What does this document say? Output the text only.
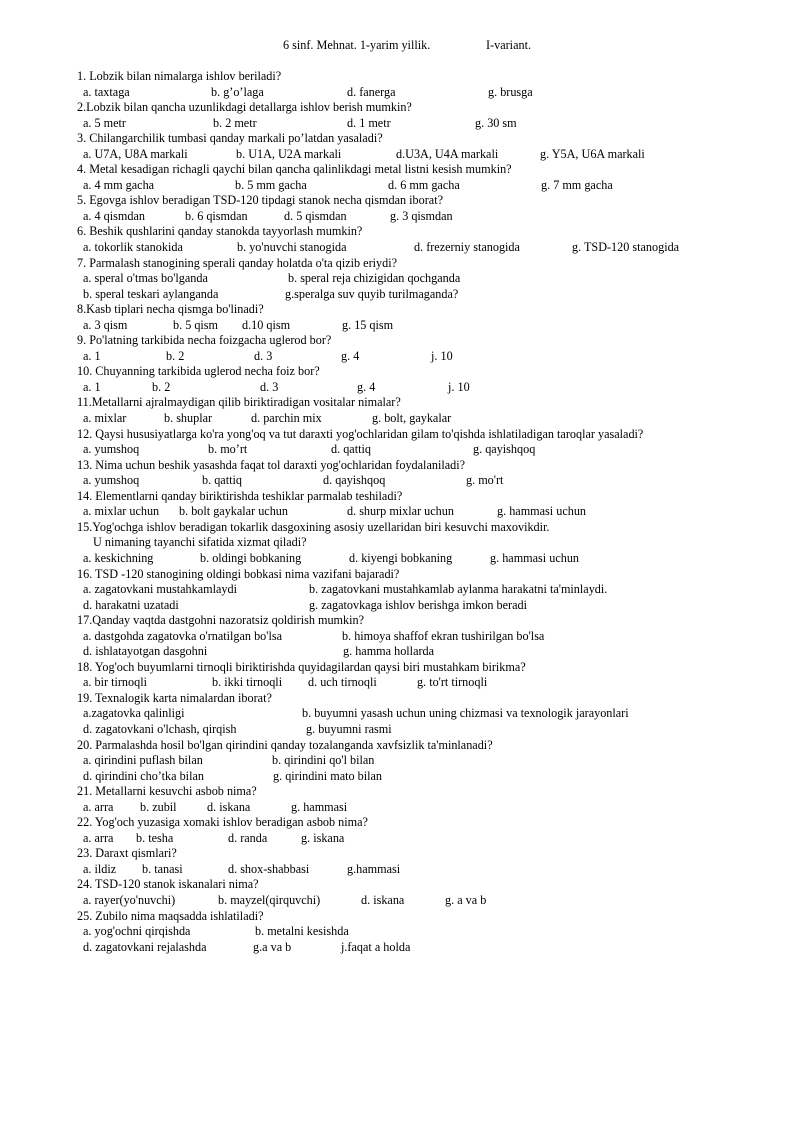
6 sinf. Mehnat. 1-yarim yillik.	I-variant.
1. Lobzik bilan nimalarga ishlov beriladi?
a. taxtaga	b. g’o’laga	d. fanerga	g. brusga
2.Lobzik bilan qancha uzunlikdagi detallarga ishlov berish mumkin?
a. 5 metr	b. 2 metr	d. 1 metr	g. 30 sm
3. Chilangarchilik tumbasi qanday markali po’latdan yasaladi?
a. U7A, U8A markali	b. U1A, U2A markali	d.U3A, U4A markali	g. Y5A, U6A markali
4. Metal kesadigan richagli qaychi bilan qancha qalinlikdagi metal listni kesish mumkin?
a. 4 mm gacha	b. 5 mm gacha	d. 6 mm gacha	g. 7 mm gacha
5. Egovga ishlov beradigan TSD-120 tipdagi stanok necha qismdan iborat?
a. 4 qismdan	b. 6 qismdan	d. 5 qismdan	g. 3 qismdan
6. Beshik qushlarini qanday stanokda tayyorlash mumkin?
a. tokorlik stanokida	b. yo'nuvchi stanogida	d. frezerniy stanogida	g. TSD-120 stanogida
7. Parmalash stanogining sperali qanday holatda o'ta qizib eriydi?
a. speral o'tmas bo'lganda	b. speral reja chizigidan qochganda
b. speral teskari aylanganda	g.speralga suv quyib turilmaganda?
8.Kasb tiplari necha qismga bo'linadi?
a. 3 qism	b. 5 qism d.10 qism	g. 15 qism
9. Po'latning tarkibida necha foizgacha uglerod bor?
a. 1	b. 2	d. 3	g. 4	j. 10
10. Chuyanning tarkibida uglerod necha foiz bor?
a. 1	b. 2	d. 3	g. 4	j. 10
11.Metallarni ajralmaydigan qilib biriktiradigan vositalar nimalar?
a. mixlar	b. shuplar	d. parchin mix	g. bolt, gaykalar
12. Qaysi hususiyatlarga ko'ra yong'oq va tut daraxti yog'ochlaridan gilam to'qishda ishlatiladigan taroqlar yasaladi?
a. yumshoq	b. mo’rt	d. qattiq	g. qayishqoq
13. Nima uchun beshik yasashda faqat tol daraxti yog'ochlaridan foydalaniladi?
a. yumshoq	b. qattiq	d. qayishqoq	g. mo'rt
14. Elementlarni qanday biriktirishda teshiklar parmalab teshiladi?
a. mixlar uchun b. bolt gaykalar uchun	d. shurp mixlar uchun	g. hammasi uchun
15.Yog'ochga ishlov beradigan tokarlik dasgoxining asosiy uzellaridan biri kesuvchi maxovikdir.
U nimaning tayanchi sifatida xizmat qiladi?
a. keskichning	b. oldingi bobkaning	d. kiyengi bobkaning	g. hammasi uchun
16. TSD -120 stanogining oldingi bobkasi nima vazifani bajaradi?
a. zagatovkani mustahkamlaydi	b. zagatovkani mustahkamlab aylanma harakatni ta'minlaydi.
d. harakatni uzatadi	g. zagatovkaga ishlov berishga imkon beradi
17.Qanday vaqtda dastgohni nazoratsiz qoldirish mumkin?
a. dastgohda zagatovka o'rnatilgan bo'lsa	b. himoya shaffof ekran tushirilgan bo'lsa
d. ishlatayotgan dasgohni	g. hamma hollarda
18. Yog'och buyumlarni tirnoqli biriktirishda quyidagilardan qaysi biri mustahkam birikma?
a. bir tirnoqli	b. ikki tirnoqli d. uch tirnoqli	g. to'rt tirnoqli
19. Texnalogik karta nimalardan iborat?
a.zagatovka qalinligi	b. buyumni yasash uchun uning chizmasi va texnologik jarayonlari
d. zagatovkani o'lchash, qirqish	g. buyumni rasmi
20. Parmalashda hosil bo'lgan qirindini qanday tozalanganda xavfsizlik ta'minlanadi?
a. qirindini puflash bilan	b. qirindini qo'l bilan
d. qirindini cho’tka bilan	g. qirindini mato bilan
21. Metallarni kesuvchi asbob nima?
a. arra b. zubil d. iskana	g. hammasi
22. Yog'och yuzasiga xomaki ishlov beradigan asbob nima?
a. arra b. tesha	d. randa	g. iskana
23. Daraxt qismlari?
a. ildiz b. tanasi	d. shox-shabbasi	g.hammasi
24. TSD-120 stanok iskanalari nima?
a. rayer(yo'nuvchi)	b. mayzel(qirquvchi)	d. iskana	g. a va b
25. Zubilo nima maqsadda ishlatiladi?
a. yog'ochni qirqishda	b. metalni kesishda
d. zagatovkani rejalashda	g.a va b	j.faqat a holda
